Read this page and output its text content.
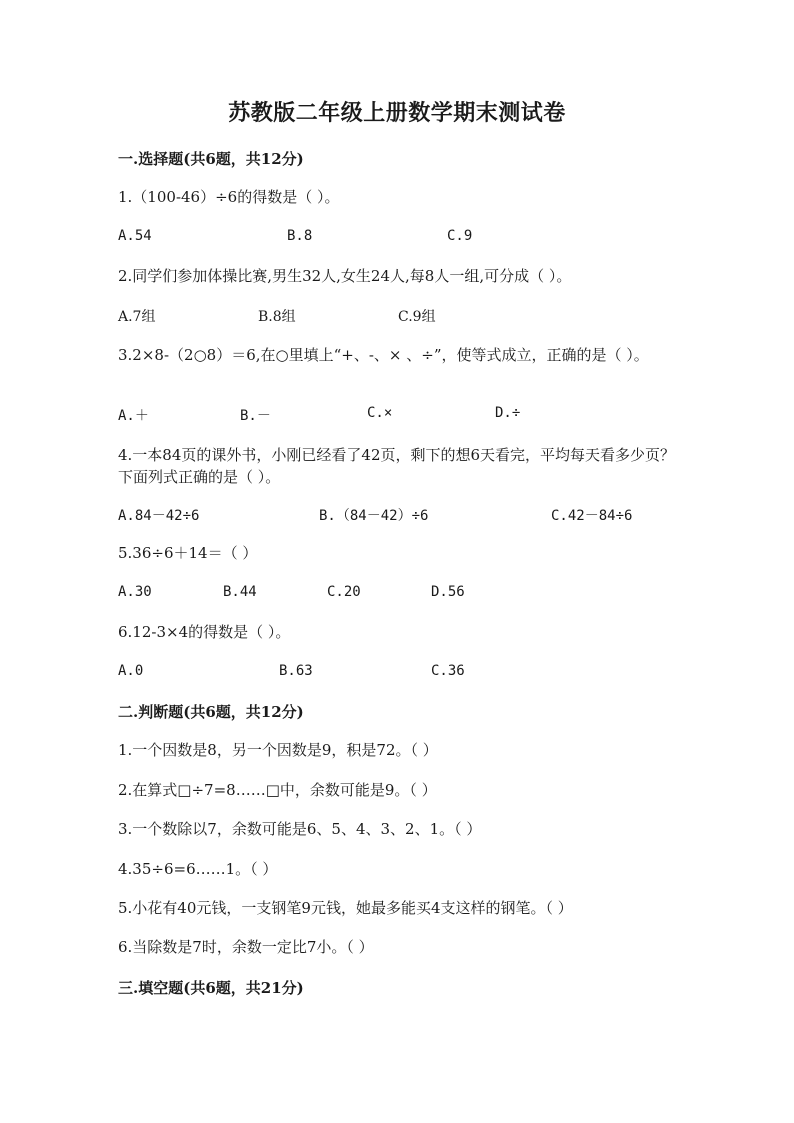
苏教版二年级上册数学期末测试卷
一.选择题(共6题，共12分)
1.（100-46）÷6的得数是（ ）。
A.54	B.8	C.9
2.同学们参加体操比赛,男生32人,女生24人,每8人一组,可分成（ ）。
A.7组	B.8组	C.9组
3.2×8-（2○8）＝6,在○里填上“+、-、× 、÷”，使等式成立，正确的是（ ）。
A.＋	B.－	C.×	D.÷
4.一本84页的课外书，小刚已经看了42页，剩下的想6天看完，平均每天看多少页？下面列式正确的是（ ）。
A.84－42÷6	B.（84－42）÷6	C.42－84÷6
5.36÷6＋14＝（ ）
A.30	B.44	C.20	D.56
6.12-3×4的得数是（ ）。
A.0	B.63	C.36
二.判断题(共6题，共12分)
1.一个因数是8，另一个因数是9，积是72。（ ）
2.在算式□÷7=8……□中，余数可能是9。（ ）
3.一个数除以7，余数可能是6、5、4、3、2、1。（ ）
4.35÷6=6……1。（ ）
5.小花有40元钱，一支钢笔9元钱，她最多能买4支这样的钢笔。（ ）
6.当除数是7时，余数一定比7小。（ ）
三.填空题(共6题，共21分)
